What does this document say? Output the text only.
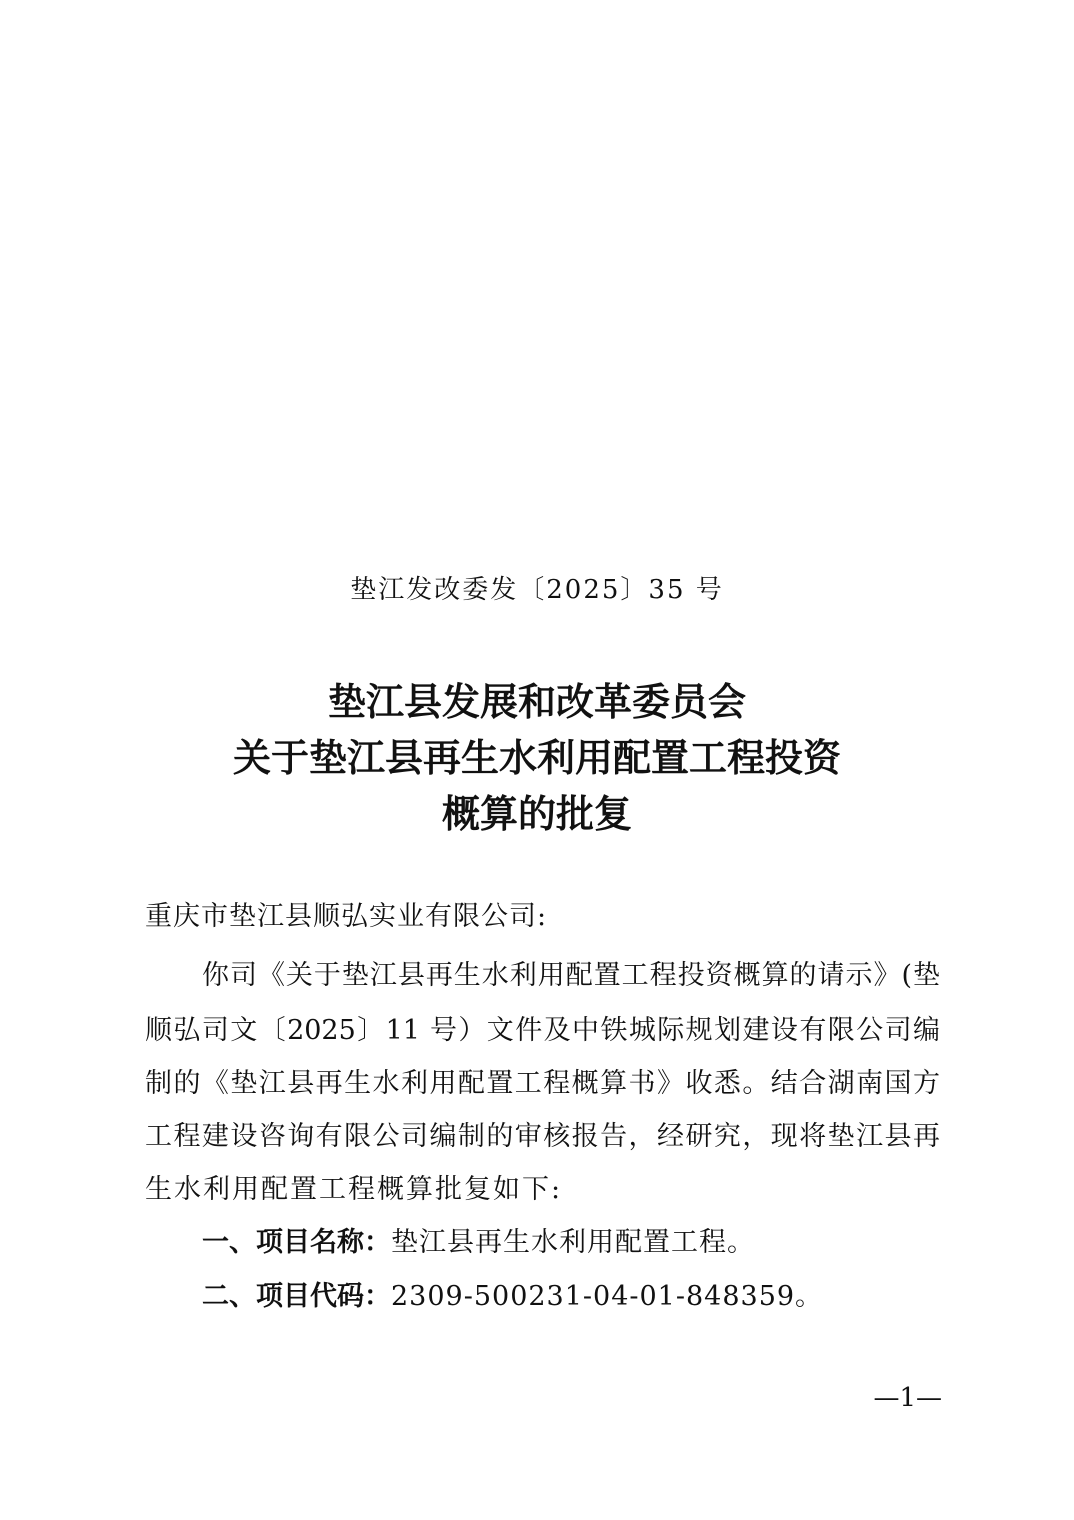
垫江发改委发〔2025〕35 号
垫江县发展和改革委员会
关于垫江县再生水利用配置工程投资
概算的批复
重庆市垫江县顺弘实业有限公司:
你司《关于垫江县再生水利用配置工程投资概算的请示》(垫
顺弘司文〔2025〕11 号）文件及中铁城际规划建设有限公司编
制的《垫江县再生水利用配置工程概算书》收悉。结合湖南国方
工程建设咨询有限公司编制的审核报告，经研究，现将垫江县再
生水利用配置工程概算批复如下:
一、项目名称：垫江县再生水利用配置工程。
二、项目代码：2309-500231-04-01-848359。
—1—
